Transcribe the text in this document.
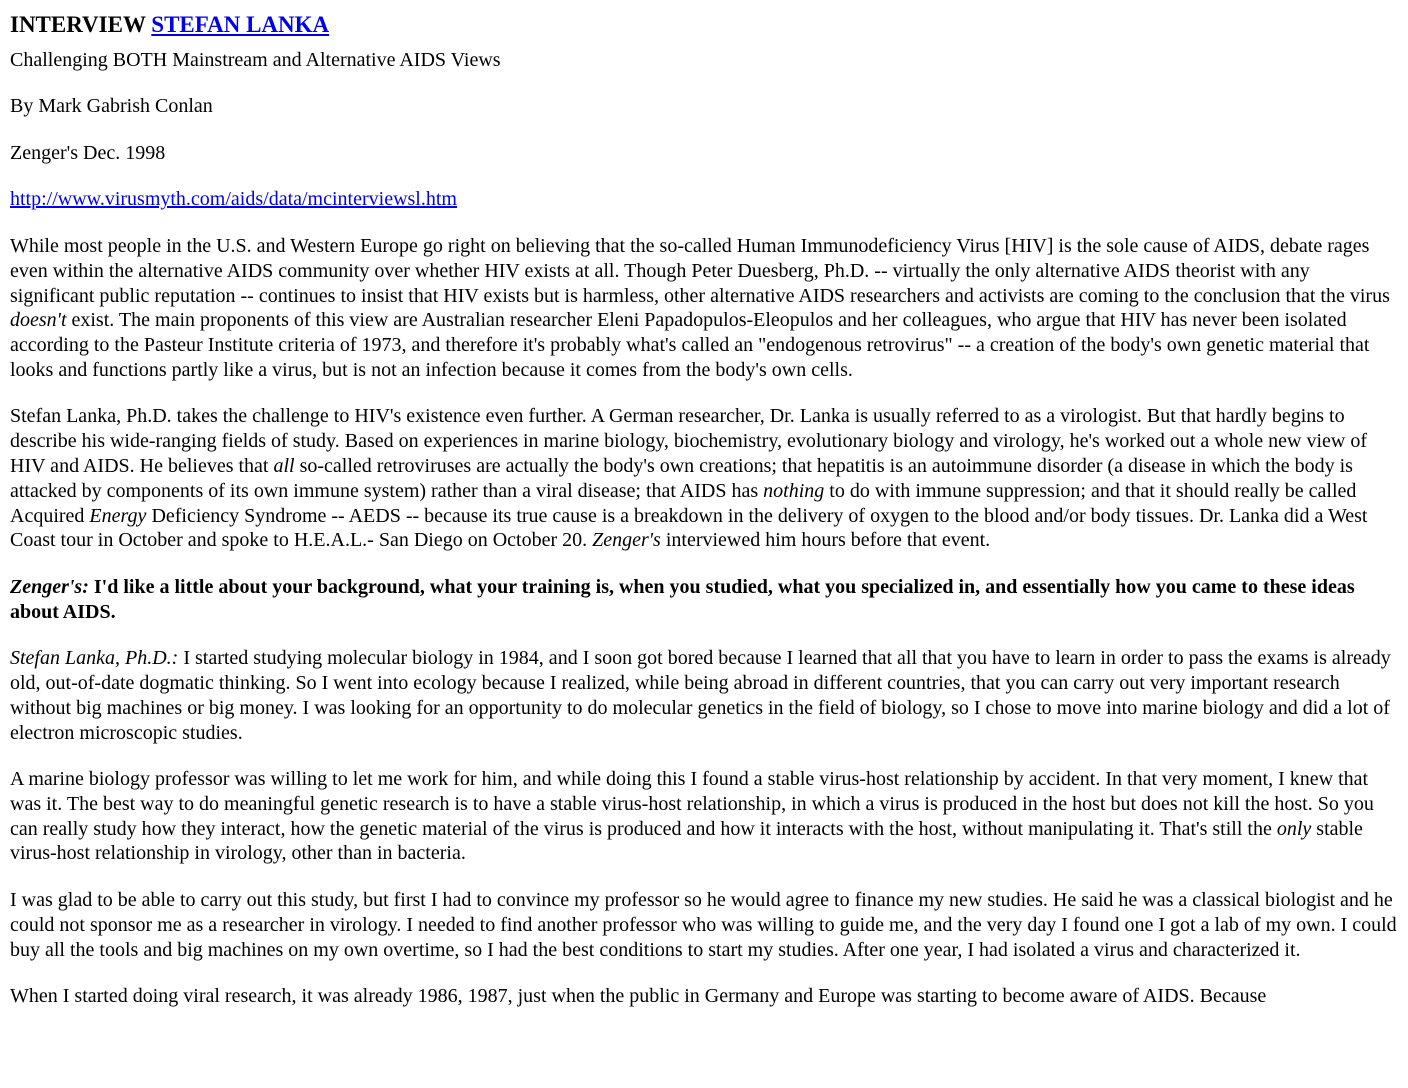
INTERVIEW STEFAN LANKA

Challenging BOTH Mainstream and Alternative AIDS Views

By Mark Gabrish Conlan

Zenger's Dec. 1998

http://www.virusmyth.com/aids/data/mcinterviewsl.htm

While most people in the U.S. and Western Europe go right on believing that the so-called Human Immunodeficiency Virus [HIV] is the sole cause of AIDS, debate rages even within the alternative AIDS community over whether HIV exists at all. Though Peter Duesberg, Ph.D. -- virtually the only alternative AIDS theorist with any significant public reputation -- continues to insist that HIV exists but is harmless, other alternative AIDS researchers and activists are coming to the conclusion that the virus doesn't exist. The main proponents of this view are Australian researcher Eleni Papadopulos-Eleopulos and her colleagues, who argue that HIV has never been isolated according to the Pasteur Institute criteria of 1973, and therefore it's probably what's called an "endogenous retrovirus" -- a creation of the body's own genetic material that looks and functions partly like a virus, but is not an infection because it comes from the body's own cells.

Stefan Lanka, Ph.D. takes the challenge to HIV's existence even further. A German researcher, Dr. Lanka is usually referred to as a virologist. But that hardly begins to describe his wide-ranging fields of study. Based on experiences in marine biology, biochemistry, evolutionary biology and virology, he's worked out a whole new view of HIV and AIDS. He believes that all so-called retroviruses are actually the body's own creations; that hepatitis is an autoimmune disorder (a disease in which the body is attacked by components of its own immune system) rather than a viral disease; that AIDS has nothing to do with immune suppression; and that it should really be called Acquired Energy Deficiency Syndrome -- AEDS -- because its true cause is a breakdown in the delivery of oxygen to the blood and/or body tissues. Dr. Lanka did a West Coast tour in October and spoke to H.E.A.L.- San Diego on October 20. Zenger's interviewed him hours before that event.

Zenger's: I'd like a little about your background, what your training is, when you studied, what you specialized in, and essentially how you came to these ideas about AIDS.

Stefan Lanka, Ph.D.: I started studying molecular biology in 1984, and I soon got bored because I learned that all that you have to learn in order to pass the exams is already old, out-of-date dogmatic thinking. So I went into ecology because I realized, while being abroad in different countries, that you can carry out very important research without big machines or big money. I was looking for an opportunity to do molecular genetics in the field of biology, so I chose to move into marine biology and did a lot of electron microscopic studies.

A marine biology professor was willing to let me work for him, and while doing this I found a stable virus-host relationship by accident. In that very moment, I knew that was it. The best way to do meaningful genetic research is to have a stable virus-host relationship, in which a virus is produced in the host but does not kill the host. So you can really study how they interact, how the genetic material of the virus is produced and how it interacts with the host, without manipulating it. That's still the only stable virus-host relationship in virology, other than in bacteria.

I was glad to be able to carry out this study, but first I had to convince my professor so he would agree to finance my new studies. He said he was a classical biologist and he could not sponsor me as a researcher in virology. I needed to find another professor who was willing to guide me, and the very day I found one I got a lab of my own. I could buy all the tools and big machines on my own overtime, so I had the best conditions to start my studies. After one year, I had isolated a virus and characterized it.

When I started doing viral research, it was already 1986, 1987, just when the public in Germany and Europe was starting to become aware of AIDS. Because
